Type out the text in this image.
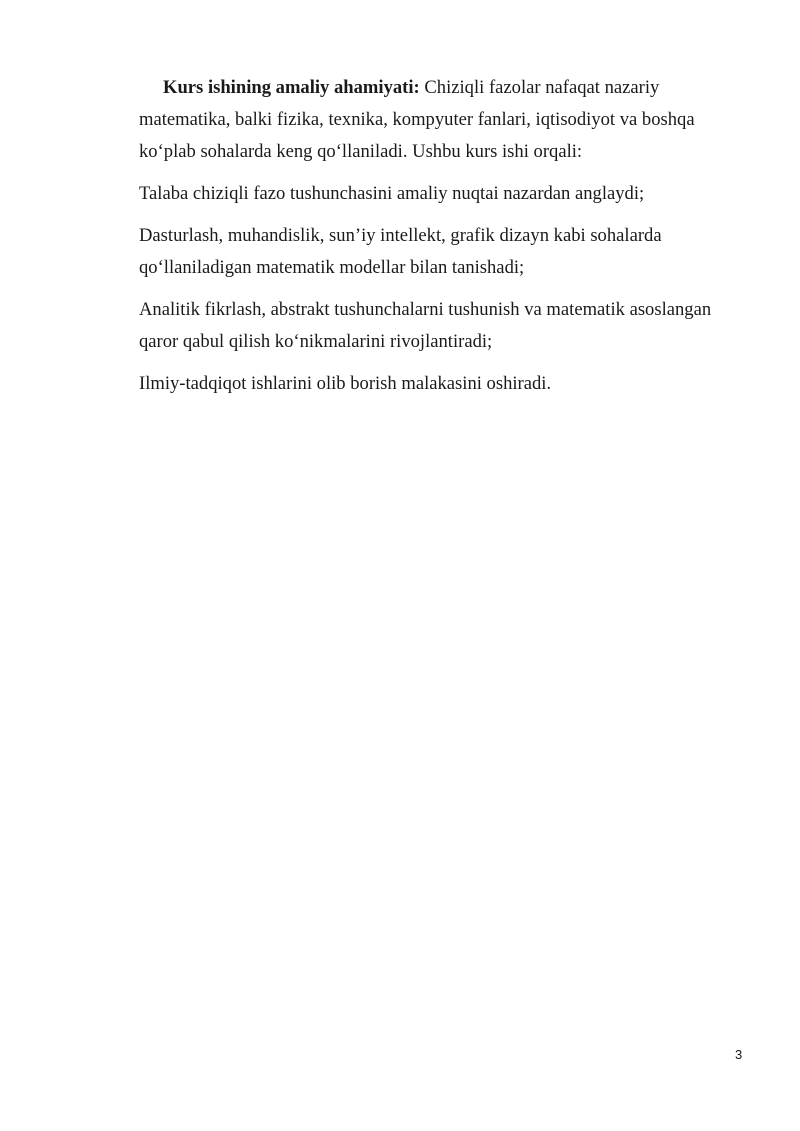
Kurs ishining amaliy ahamiyati: Chiziqli fazolar nafaqat nazariy matematika, balki fizika, texnika, kompyuter fanlari, iqtisodiyot va boshqa ko‘plab sohalarda keng qo‘llaniladi. Ushbu kurs ishi orqali:

Talaba chiziqli fazo tushunchasini amaliy nuqtai nazardan anglaydi;

Dasturlash, muhandislik, sun’iy intellekt, grafik dizayn kabi sohalarda qo‘llaniladigan matematik modellar bilan tanishadi;

Analitik fikrlash, abstrakt tushunchalarni tushunish va matematik asoslangan qaror qabul qilish ko‘nikmalarini rivojlantiradi;

Ilmiy-tadqiqot ishlarini olib borish malakasini oshiradi.

3
